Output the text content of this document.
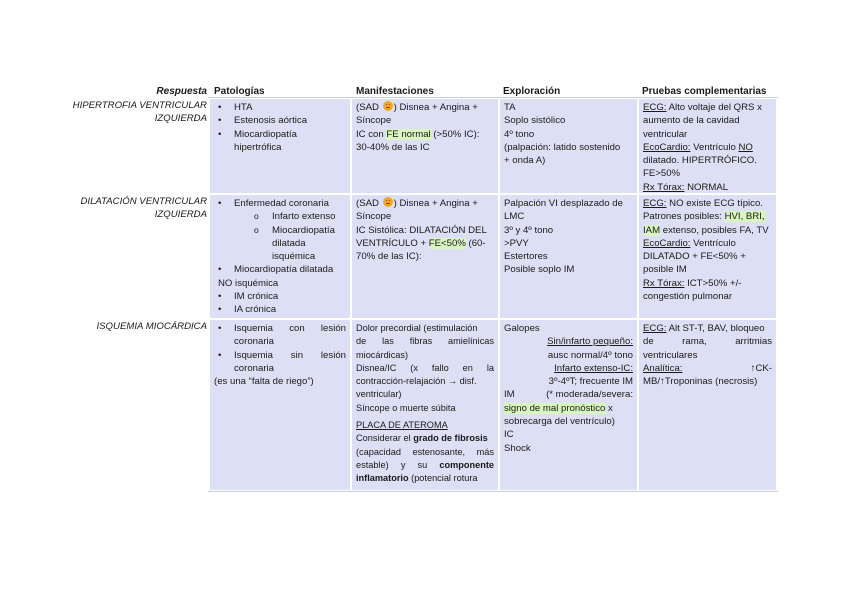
Respuesta Patologías	Manifestaciones	Exploración	Pruebas complementarias
HIPERTROFIA VENTRICULAR
IZQUIERDA
• HTA
• Estenosis aórtica
• Miocardiopatía
hipertrófica

(SAD ) Disnea + Angina +

Síncope

IC con FE normal (>50% IC):

30-40% de las IC

TA

Soplo sistólico

4º tono

(palpación: latido sostenido

+ onda A)

ECG: Alto voltaje del QRS x

aumento de la cavidad

ventricular

EcoCardio: Ventrículo NO

dilatado. HIPERTRÓFICO.

FE>50%

Rx Tórax: NORMAL

DILATACIÓN VENTRICULAR
IZQUIERDA
• Enfermedad coronaria
o Infarto extenso
o Miocardiopatía
dilatada
isquémica
• Miocardiopatía dilatada

NO isquémica

• IM crónica
• IA crónica

(SAD ) Disnea + Angina +

Síncope

IC Sistólica: DILATACIÓN DEL

VENTRÍCULO + FE<50% (60-

70% de las IC):

Palpación VI desplazado de

LMC

3º y 4º tono

>PVY

Estertores

Posible soplo IM

ECG: NO existe ECG típico.

Patrones posibles: HVI, BRI,

IAM extenso, posibles FA, TV

EcoCardio: Ventrículo

DILATADO + FE<50% +

posible IM

Rx Tórax: ICT>50% +/-

congestión pulmonar

ISQUEMIA MIOCÁRDICA
•	Isquemia con lesión
coronaria
• Isquemia sin lesión
coronaria

(es una “falta de riego”)

Dolor precordial (estimulación

de las fibras amielínicas

miocárdicas)

Disnea/IC (x fallo en la

contracción-relajación → disf.

ventricular)

Síncope o muerte súbita

PLACA DE ATEROMA

Considerar el grado de fibrosis

(capacidad estenosante, más

estable) y su componente

inflamatorio (potencial rotura

Galopes

Sin/infarto pequeño:

ausc normal/4º tono

Infarto extenso-IC:

3º-4ºT; frecuente IM

IM	(* moderada/severa:

signo de mal pronóstico x

sobrecarga del ventrículo)

IC

Shock

ECG: Alt ST-T, BAV, bloqueo

de rama, arritmias

ventriculares

Analítica: ↑CK-

MB/↑Troponinas (necrosis)
